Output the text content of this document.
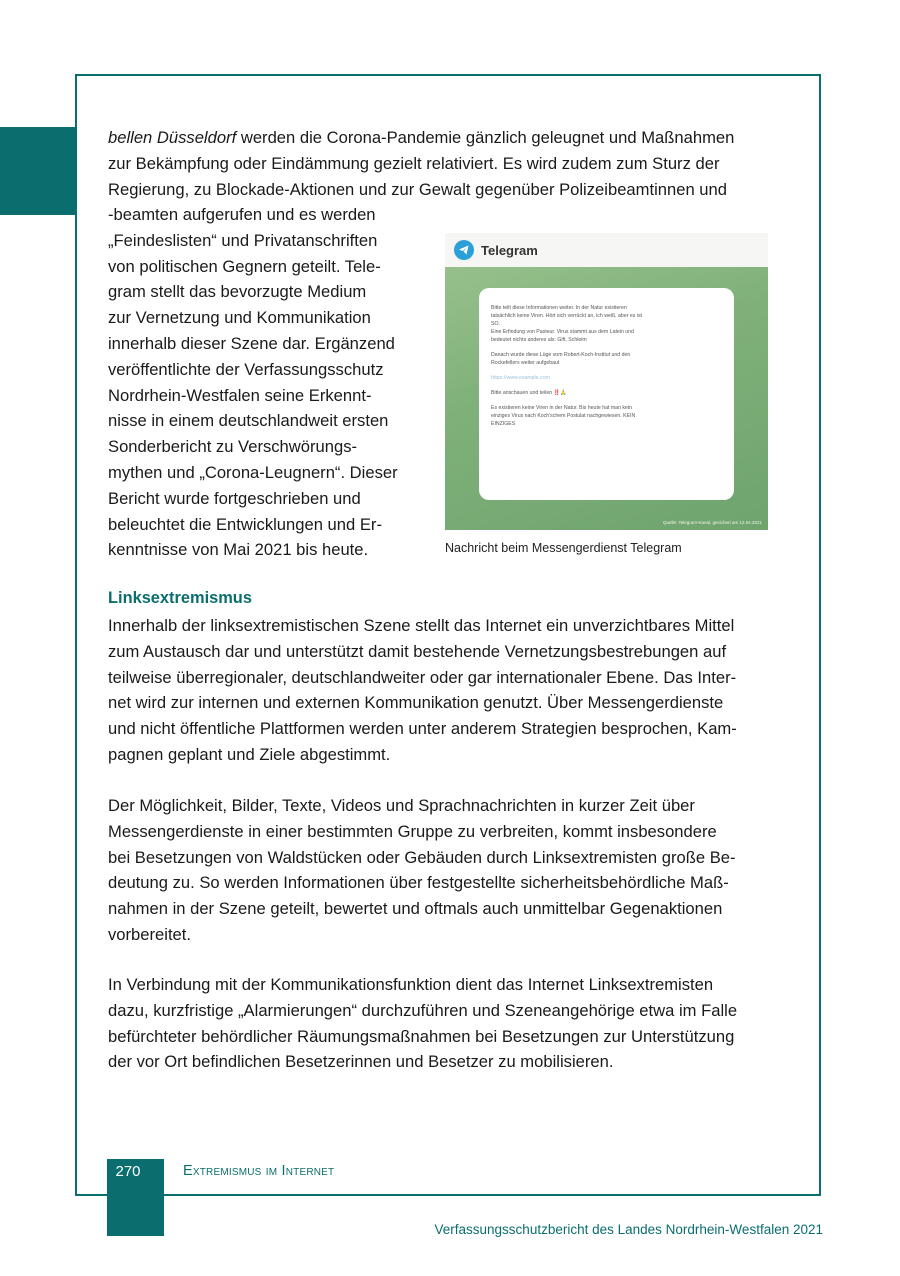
bellen Düsseldorf werden die Corona-Pandemie gänzlich geleugnet und Maßnahmen

zur Bekämpfung oder Eindämmung gezielt relativiert. Es wird zudem zum Sturz der

Regierung, zu Blockade-Aktionen und zur Gewalt gegenüber Polizeibeamtinnen und

-beamten aufgerufen und es werden
„Feindeslisten“ und Privatanschriften
von politischen Gegnern geteilt. Tele-
gram stellt das bevorzugte Medium
zur Vernetzung und Kommunikation
innerhalb dieser Szene dar. Ergänzend
veröffentlichte der Verfassungsschutz
Nordrhein-Westfalen seine Erkennt-
nisse in einem deutschlandweit ersten
Sonderbericht zu Verschwörungs-
mythen und „Corona-Leugnern“. Dieser
Bericht wurde fortgeschrieben und
beleuchtet die Entwicklungen und Er-
kenntnisse von Mai 2021 bis heute.
Telegram
Bitte teilt diese Informationen weiter. In der Natur existieren
tatsächlich keine Viren. Hört sich verrückt an, ich weiß, aber es ist
SO.
Eine Erfindung von Pasteur. Virus stammt aus dem Latein und
bedeutet nichts anderes als: Gift, Schleim
Danach wurde diese Lüge vom Robert-Koch-Institut und den
Rockefellers weiter aufgebaut
https://www.example.com
Bitte anschauen und teilen ‼️🙏
Es existieren keine Viren in der Natur. Bis heute hat man kein
einziges Virus nach Koch'schem Postulat nachgewiesen. KEIN
EINZIGES
Quelle: Telegram-Kanal, gesichert am 12.04.2021
Nachricht beim Messengerdienst Telegram
Linksextremismus

Innerhalb der linksextremistischen Szene stellt das Internet ein unverzichtbares Mittel

zum Austausch dar und unterstützt damit bestehende Vernetzungsbestrebungen auf

teilweise überregionaler, deutschlandweiter oder gar internationaler Ebene. Das Inter-

net wird zur internen und externen Kommunikation genutzt. Über Messengerdienste

und nicht öffentliche Plattformen werden unter anderem Strategien besprochen, Kam-

pagnen geplant und Ziele abgestimmt.

Der Möglichkeit, Bilder, Texte, Videos und Sprachnachrichten in kurzer Zeit über

Messengerdienste in einer bestimmten Gruppe zu verbreiten, kommt insbesondere

bei Besetzungen von Waldstücken oder Gebäuden durch Linksextremisten große Be-

deutung zu. So werden Informationen über festgestellte sicherheitsbehördliche Maß-

nahmen in der Szene geteilt, bewertet und oftmals auch unmittelbar Gegenaktionen

vorbereitet.

In Verbindung mit der Kommunikationsfunktion dient das Internet Linksextremisten

dazu, kurzfristige „Alarmierungen“ durchzuführen und Szeneangehörige etwa im Falle

befürchteter behördlicher Räumungsmaßnahmen bei Besetzungen zur Unterstützung

der vor Ort befindlichen Besetzerinnen und Besetzer zu mobilisieren.

270	Extremismus im Internet
Verfassungsschutzbericht des Landes Nordrhein-Westfalen 2021
